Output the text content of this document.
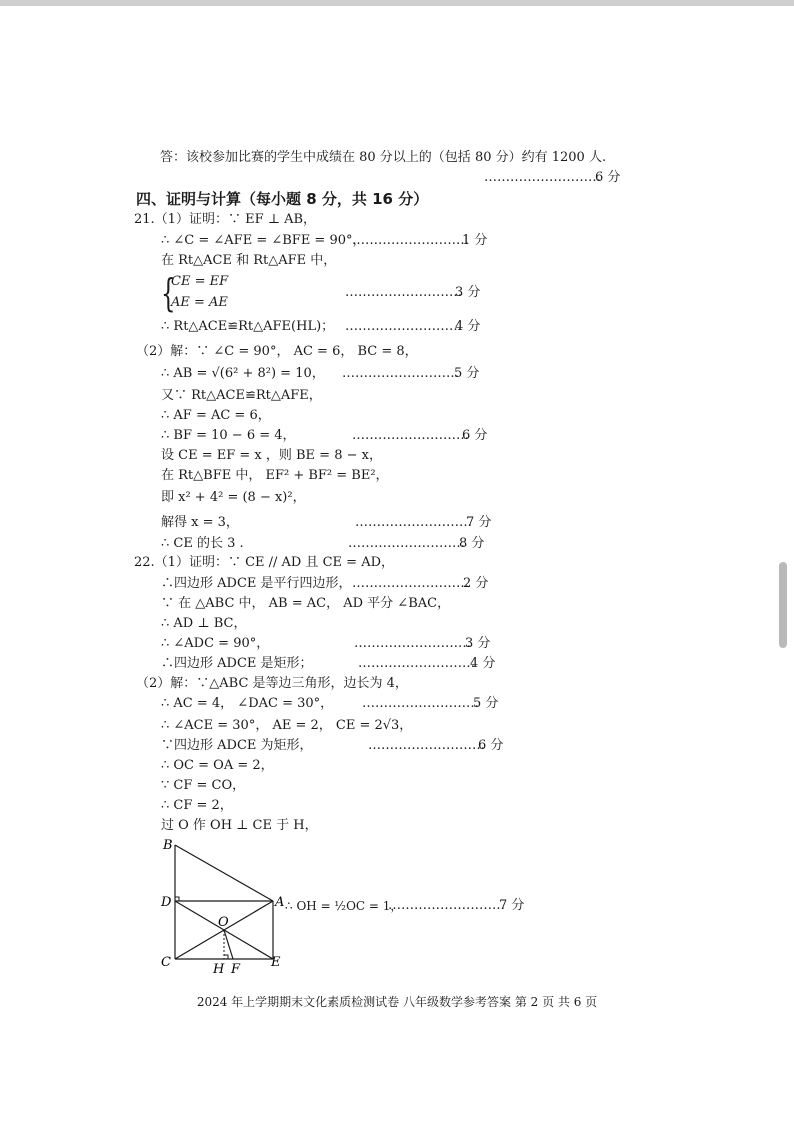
答：该校参加比赛的学生中成绩在 80 分以上的（包括 80 分）约有 1200 人.
………………………
6 分
四、证明与计算（每小题 8 分，共 16 分）
21.（1）证明：∵ EF ⊥ AB，
∴ ∠C = ∠AFE = ∠BFE = 90°，
………………………
1 分
在 Rt△ACE 和 Rt△AFE 中，
{
CE = EF
AE = AE
………………………
3 分
∴ Rt△ACE≌Rt△AFE(HL)； ………………………
4 分
（2）解：∵ ∠C = 90°， AC = 6， BC = 8，
∴ AB = √(6² + 8²) = 10， ………………………
5 分
又∵ Rt△ACE≌Rt△AFE，
∴ AF = AC = 6，
∴ BF = 10 − 6 = 4，	………………………
6 分
设 CE = EF = x ，则 BE = 8 − x，
在 Rt△BFE 中， EF² + BF² = BE²，
即 x² + 4² = (8 − x)²，
解得 x = 3，	………………………
7 分
∴ CE 的长 3 .	………………………
8 分
22.（1）证明：∵ CE // AD 且 CE = AD，
∴四边形 ADCE 是平行四边形， ………………………
2 分
∵ 在 △ABC 中， AB = AC， AD 平分 ∠BAC，
∴ AD ⊥ BC，
∴ ∠ADC = 90°，	………………………
3 分
∴四边形 ADCE 是矩形；	………………………
4 分
（2）解：∵△ABC 是等边三角形，边长为 4，
∴ AC = 4， ∠DAC = 30°， ………………………
5 分
∴ ∠ACE = 30°， AE = 2， CE = 2√3，
∵四边形 ADCE 为矩形，	………………………
6 分
∴ OC = OA = 2，
∵ CF = CO，
∴ CF = 2，
过 O 作 OH ⊥ CE 于 H，
B
D	A
O
C	H F E
∴ OH = ½OC = 1，
………………………
7 分
2024 年上学期期末文化素质检测试卷 八年级数学参考答案 第 2 页 共 6 页
